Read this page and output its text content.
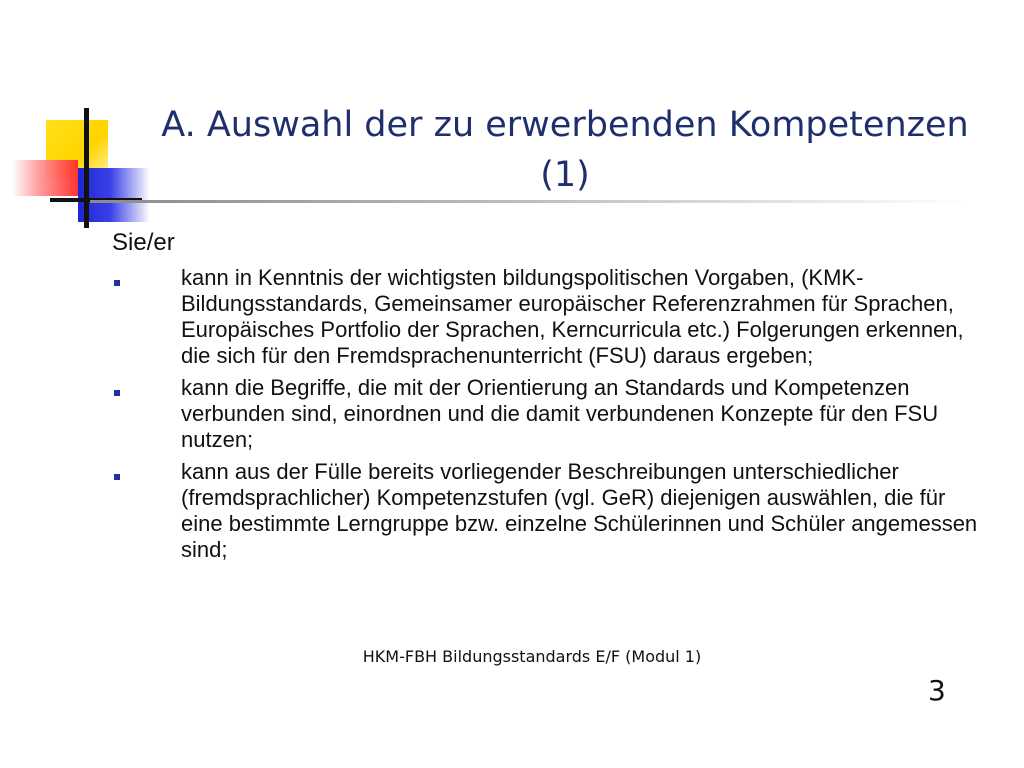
A. Auswahl der zu erwerbenden Kompetenzen (1)
Sie/er
kann in Kenntnis der wichtigsten bildungspolitischen Vorgaben, (KMK-Bildungsstandards, Gemeinsamer europäischer Referenzrahmen für Sprachen, Europäisches Portfolio der Sprachen, Kerncurricula etc.) Folgerungen erkennen, die sich für den Fremdsprachenunterricht (FSU) daraus ergeben;
kann die Begriffe, die mit der Orientierung an Standards und Kompetenzen verbunden sind, einordnen und die damit verbundenen Konzepte für den FSU nutzen;
kann aus der Fülle bereits vorliegender Beschreibungen unterschiedlicher (fremdsprachlicher) Kompetenzstufen (vgl. GeR) diejenigen auswählen, die für eine bestimmte Lerngruppe bzw. einzelne Schülerinnen und Schüler angemessen sind;
HKM-FBH Bildungsstandards E/F (Modul 1)
3
